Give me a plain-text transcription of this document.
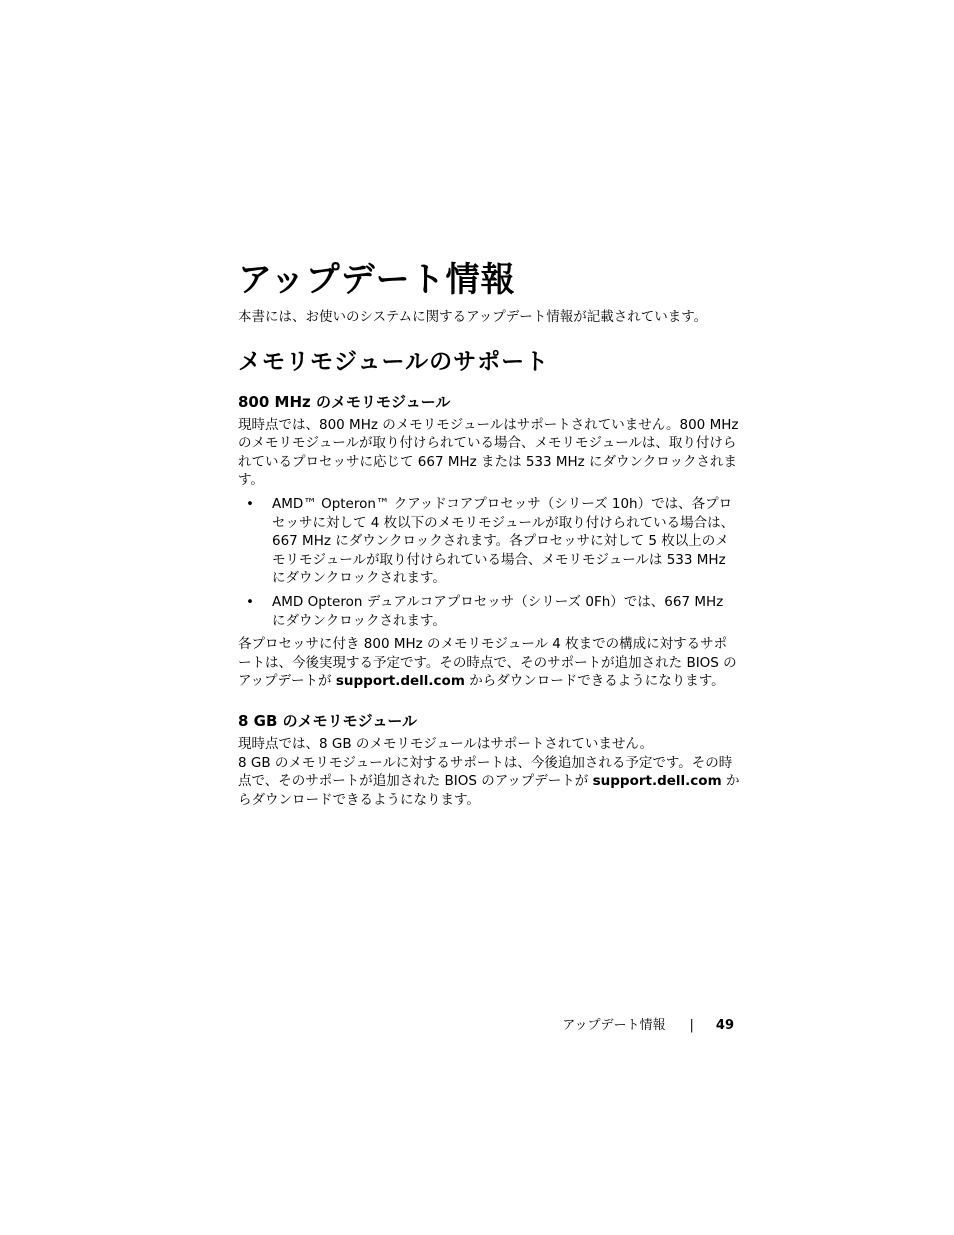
アップデート情報

本書には、お使いのシステムに関するアップデート情報が記載されています。

メモリモジュールのサポート
800 MHz のメモリモジュール

現時点では、800 MHz のメモリモジュールはサポートされていません。800 MHz のメモリモジュールが取り付けられている場合、メモリモジュールは、取り付けられているプロセッサに応じて 667 MHz または 533 MHz にダウンクロックされます。

• AMD™ Opteron™ クアッドコアプロセッサ（シリーズ 10h）では、各プロセッサに対して 4 枚以下のメモリモジュールが取り付けられている場合は、667 MHz にダウンクロックされます。各プロセッサに対して 5 枚以上のメモリモジュールが取り付けられている場合、メモリモジュールは 533 MHz にダウンクロックされます。
• AMD Opteron デュアルコアプロセッサ（シリーズ 0Fh）では、667 MHz にダウンクロックされます。

各プロセッサに付き 800 MHz のメモリモジュール 4 枚までの構成に対するサポートは、今後実現する予定です。その時点で、そのサポートが追加された BIOS のアップデートが support.dell.com からダウンロードできるようになります。

8 GB のメモリモジュール

現時点では、8 GB のメモリモジュールはサポートされていません。
8 GB のメモリモジュールに対するサポートは、今後追加される予定です。その時点で、そのサポートが追加された BIOS のアップデートが support.dell.com からダウンロードできるようになります。

アップデート情報 | 49
